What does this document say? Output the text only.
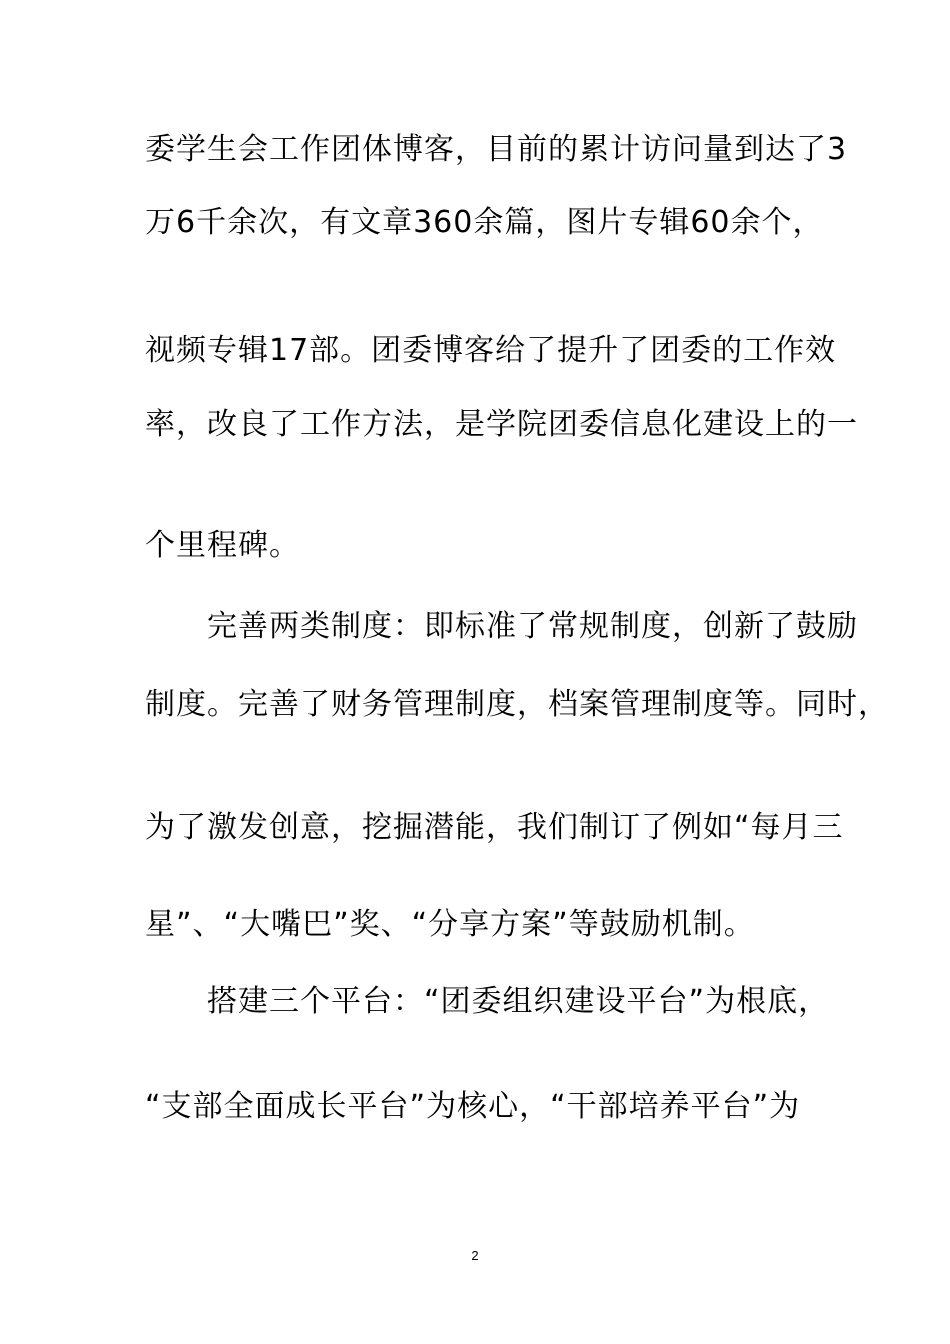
委学生会工作团体博客，目前的累计访问量到达了3
万6千余次，有文章360余篇，图片专辑60余个，
视频专辑17部。团委博客给了提升了团委的工作效
率，改良了工作方法，是学院团委信息化建设上的一
个里程碑。
　　完善两类制度：即标准了常规制度，创新了鼓励
制度。完善了财务管理制度，档案管理制度等。同时，
为了激发创意，挖掘潜能，我们制订了例如“每月三
星”、“大嘴巴”奖、“分享方案”等鼓励机制。
　　搭建三个平台：“团委组织建设平台”为根底，
“支部全面成长平台”为核心，“干部培养平台”为
2
